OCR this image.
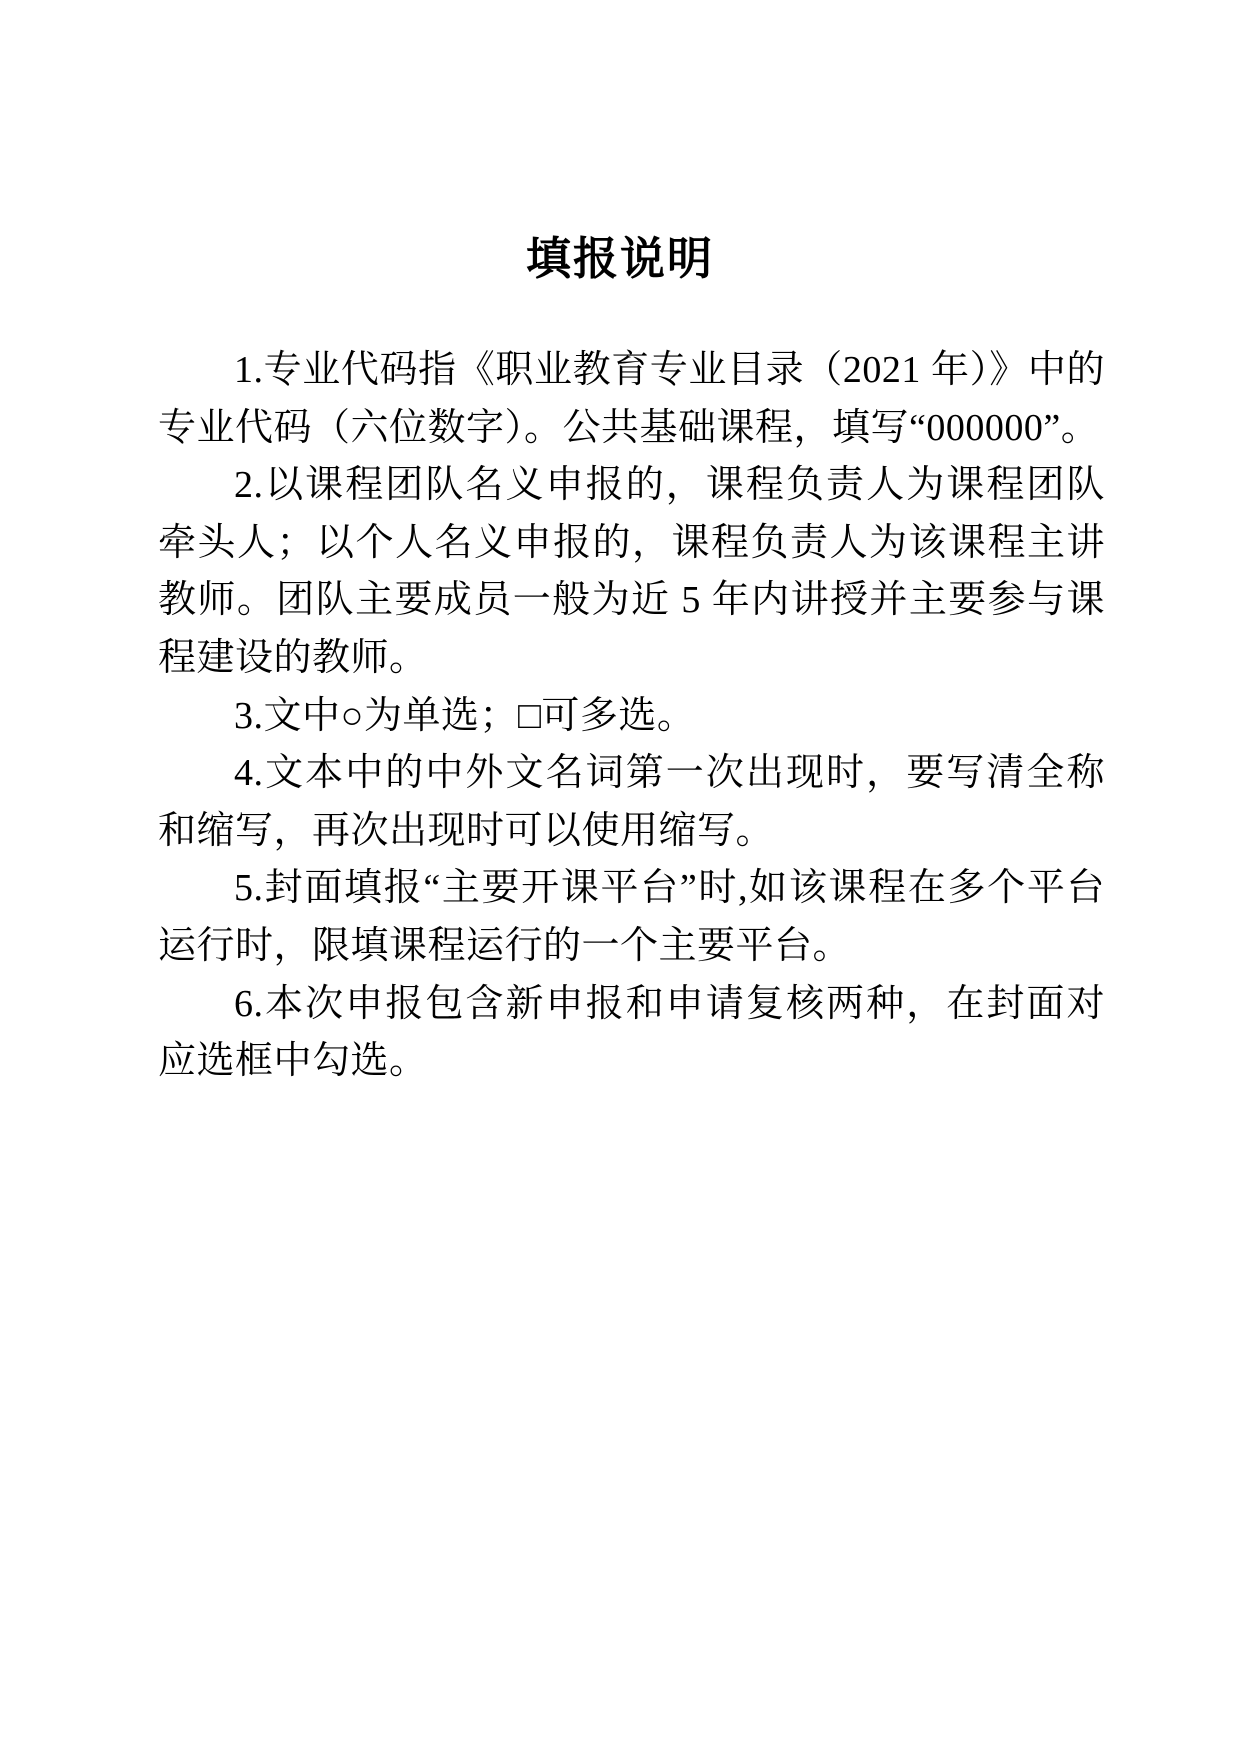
填报说明

1.专业代码指《职业教育专业目录（2021 年）》中的专业代码（六位数字）。公共基础课程，填写“000000”。

2.以课程团队名义申报的，课程负责人为课程团队牵头人；以个人名义申报的，课程负责人为该课程主讲教师。团队主要成员一般为近 5 年内讲授并主要参与课程建设的教师。

3.文中○为单选；□可多选。

4.文本中的中外文名词第一次出现时，要写清全称和缩写，再次出现时可以使用缩写。

5.封面填报“主要开课平台”时,如该课程在多个平台运行时，限填课程运行的一个主要平台。

6.本次申报包含新申报和申请复核两种，在封面对应选框中勾选。
